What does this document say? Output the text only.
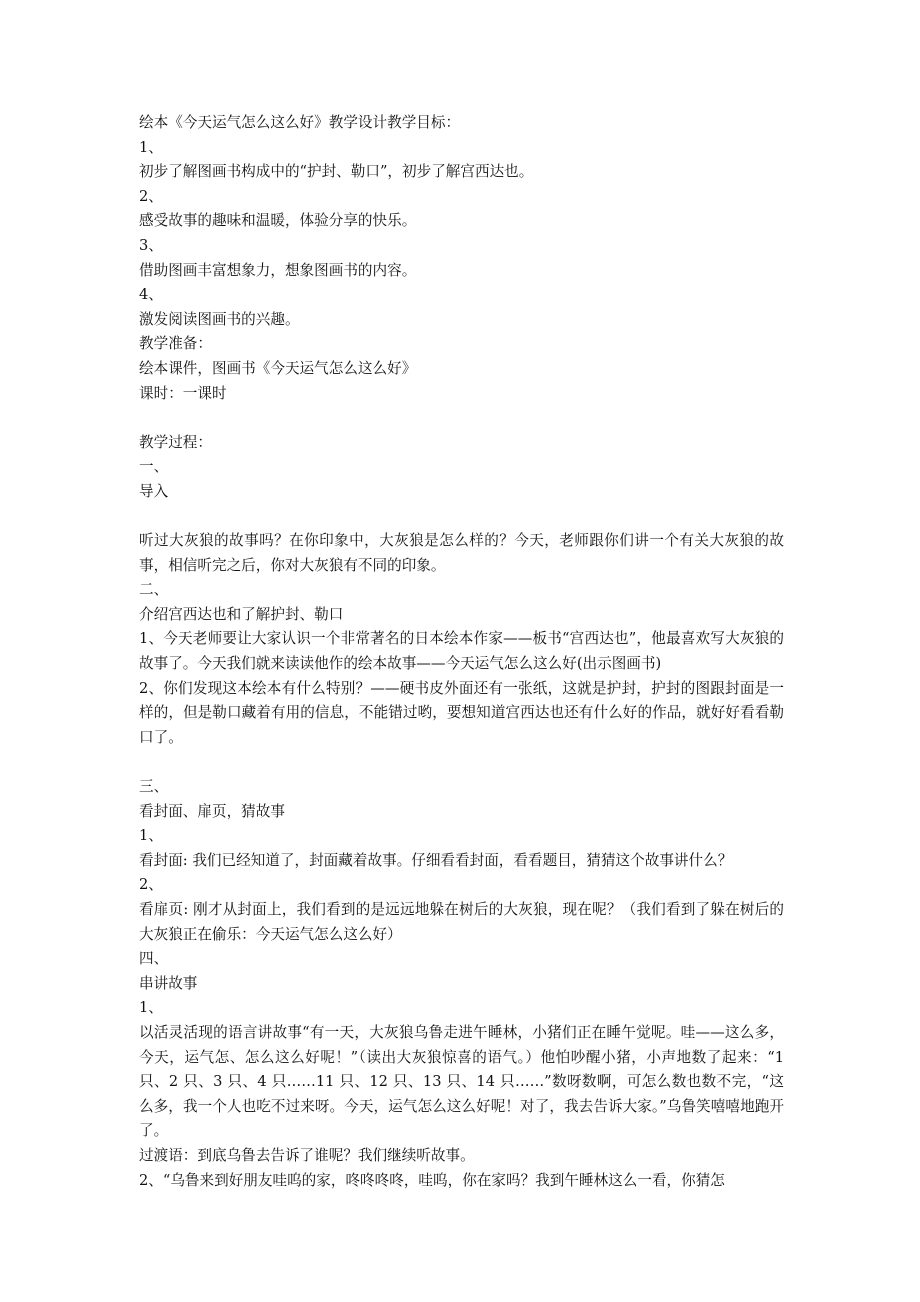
绘本《今天运气怎么这么好》教学设计教学目标：
1、
初步了解图画书构成中的“护封、勒口”，初步了解宫西达也。
2、
感受故事的趣味和温暖，体验分享的快乐。
3、
借助图画丰富想象力，想象图画书的内容。
4、
激发阅读图画书的兴趣。
教学准备：
绘本课件，图画书《今天运气怎么这么好》
课时：一课时
教学过程：
一、
导入
听过大灰狼的故事吗？在你印象中，大灰狼是怎么样的？今天，老师跟你们讲一个有关大灰狼的故事，相信听完之后，你对大灰狼有不同的印象。
二、
介绍宫西达也和了解护封、勒口
1、今天老师要让大家认识一个非常著名的日本绘本作家——板书“宫西达也”，他最喜欢写大灰狼的故事了。今天我们就来读读他作的绘本故事——今天运气怎么这么好(出示图画书)
2、你们发现这本绘本有什么特别？——硬书皮外面还有一张纸，这就是护封，护封的图跟封面是一样的，但是勒口藏着有用的信息，不能错过哟，要想知道宫西达也还有什么好的作品，就好好看看勒口了。
三、
看封面、扉页，猜故事
1、
看封面: 我们已经知道了，封面藏着故事。仔细看看封面，看看题目，猜猜这个故事讲什么？
2、
看扉页: 刚才从封面上，我们看到的是远远地躲在树后的大灰狼，现在呢？（我们看到了躲在树后的大灰狼正在偷乐：今天运气怎么这么好）
四、
串讲故事
1、
以活灵活现的语言讲故事“有一天，大灰狼乌鲁走进午睡林，小猪们正在睡午觉呢。哇——这么多，今天，运气怎、怎么这么好呢！”（读出大灰狼惊喜的语气。）他怕吵醒小猪，小声地数了起来：“1 只、2 只、3 只、4 只……11 只、12 只、13 只、14 只……”数呀数啊，可怎么数也数不完，“这么多，我一个人也吃不过来呀。今天，运气怎么这么好呢！对了，我去告诉大家。”乌鲁笑嘻嘻地跑开了。
过渡语：到底乌鲁去告诉了谁呢？我们继续听故事。
2、“乌鲁来到好朋友哇呜的家，咚咚咚咚，哇呜，你在家吗？我到午睡林这么一看，你猜怎
